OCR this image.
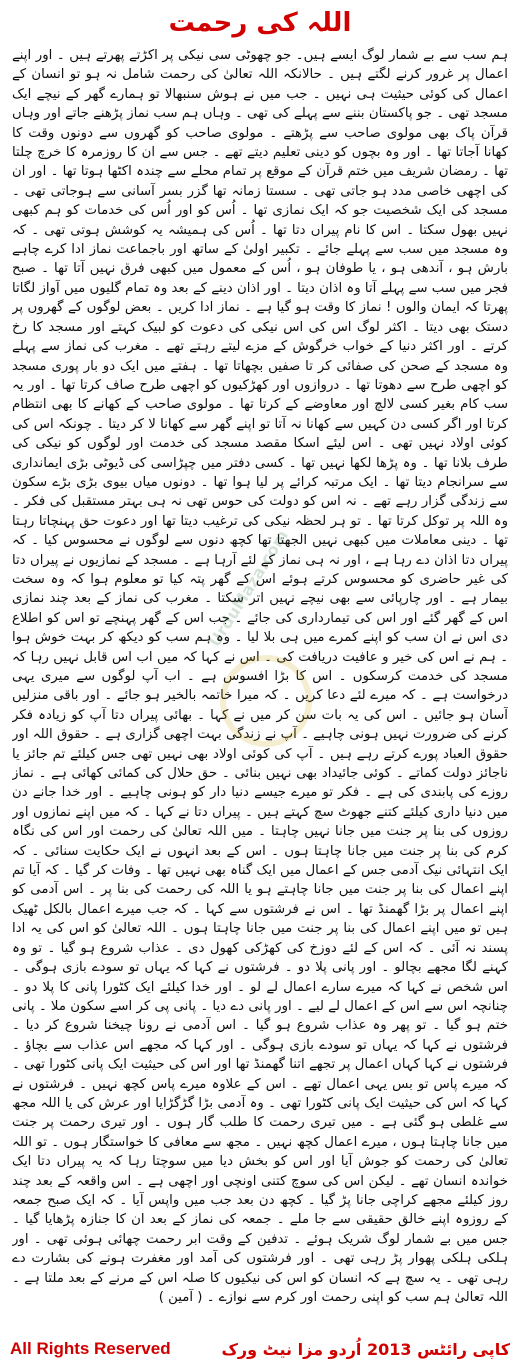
اللہ کی رحمت

ہم سب سے بے شمار لوگ ایسے ہیں۔ جو چھوٹی سی نیکی پر اکڑتے پھرتے ہیں ۔ اور اپنے اعمال پر غرور کرنے لگتے ہیں ۔ حالانکہ اللہ تعالیٰ کی رحمت شامل نہ ہو تو انسان کے اعمال کی کوئی حیثیت ہی نہیں ۔ جب میں نے ہوش سنبھالا تو ہمارے گھر کے نیچے ایک مسجد تھی ۔ جو پاکستان بننے سے پہلے کی تھی ۔ وہاں ہم سب نماز پڑھنے جاتے اور وہاں قرآن پاک بھی مولوی صاحب سے پڑھتے ۔ مولوی صاحب کو گھروں سے دونوں وقت کا کھانا آجاتا تھا ۔ اور وہ بچوں کو دینی تعلیم دیتے تھے ۔ جس سے ان کا روزمرہ کا خرچ چلتا تھا ۔ رمضان شریف میں ختم قرآن کے موقع پر تمام محلے سے چندہ اکٹھا ہوتا تھا ۔ اور ان کی اچھی خاصی مدد ہو جاتی تھی ۔ سستا زمانہ تھا گزر بسر آسانی سے ہوجاتی تھی ۔ مسجد کی ایک شخصیت جو کہ ایک نمازی تھا ۔ اُس کو اور اُس کی خدمات کو ہم کبھی نہیں بھول سکتا ۔ اس کا نام پیراں دتا تھا ۔ اُس کی ہمیشہ یہ کوشش ہوتی تھی ۔ کہ وہ مسجد میں سب سے پہلے جائے ۔ تکبیر اولیٰ کے ساتھ اور باجماعت نماز ادا کرے چاہے بارش ہو ، آندھی ہو ، یا طوفان ہو ، اُس کے معمول میں کبھی فرق نہیں آتا تھا ۔ صبح فجر میں سب سے پہلے آتا وہ اذان دیتا ۔ اور اذان دینے کے بعد وہ تمام گلیوں میں آواز لگاتا پھرتا کہ ایمان والوں ! نماز کا وقت ہو گیا ہے ۔ نماز ادا کریں ۔ بعض لوگوں کے گھروں پر دستک بھی دیتا ۔ اکثر لوگ اس کی اس نیکی کی دعوت کو لبیک کہتے اور مسجد کا رخ کرتے ۔ اور اکثر دنیا کے خواب خرگوش کے مزے لیتے رہتے تھے ۔ مغرب کی نماز سے پہلے وہ مسجد کے صحن کی صفائی کر تا صفیں بچھاتا تھا ۔ ہفتے میں ایک دو بار پوری مسجد کو اچھی طرح سے دھوتا تھا ۔ دروازوں اور کھڑکیوں کو اچھی طرح صاف کرتا تھا ۔ اور یہ سب کام بغیر کسی لالچ اور معاوضے کے کرتا تھا ۔ مولوی صاحب کے کھانے کا بھی انتظام کرتا اور اگر کسی دن کہیں سے کھانا نہ آتا تو اپنے گھر سے کھانا لا کر دیتا ۔ چونکہ اس کی کوئی اولاد نہیں تھی ۔ اس لیئے اسکا مقصد مسجد کی خدمت اور لوگوں کو نیکی کی طرف بلانا تھا ۔ وہ پڑھا لکھا نہیں تھا ۔ کسی دفتر میں چپڑاسی کی ڈیوٹی بڑی ایمانداری سے سرانجام دیتا تھا ۔ ایک مرتبہ کرائے پر لیا ہوا تھا ۔ دونوں میاں بیوی بڑی بڑے سکون سے زندگی گزار رہے تھے ۔ نہ اس کو دولت کی حوس تھی نہ ہی بہتر مستقبل کی فکر ۔ وہ اللہ پر توکل کرتا تھا ۔ تو ہر لحظہ نیکی کی ترغیب دیتا تھا اور دعوت حق پہنچاتا رہتا تھا ۔ دینی معاملات میں کبھی نہیں الجھتا تھا کچھ دنوں سے لوگوں نے محسوس کیا ۔ کہ پیراں دتا اذان دے رہا ہے ، اور نہ ہی نماز کے لئے آرہا ہے ۔ مسجد کے نمازیوں نے پیراں دتا کی غیر حاضری کو محسوس کرتے ہوئے اس کے گھر پتہ کیا تو معلوم ہوا کہ وہ سخت بیمار ہے ۔ اور چارپائی سے بھی نیچے نہیں اتر سکتا ۔ مغرب کی نماز کے بعد چند نمازی اس کے گھر گئے اور اس کی تیمارداری کی جائے ۔ جب اس کے گھر پہنچے تو اس کو اطلاع دی اس نے ان سب کو اپنے کمرے میں ہی بلا لیا ۔ وہ ہم سب کو دیکھ کر بہت خوش ہوا ۔ ہم نے اس کی خیر و عافیت دریافت کی ۔ اس نے کہا کہ میں اب اس قابل نہیں رہا کہ مسجد کی خدمت کرسکوں ۔ اس کا بڑا افسوس ہے ۔ اب آپ لوگوں سے میری یہی درخواست ہے ۔ کہ میرے لئے دعا کریں ۔ کہ میرا خاتمہ بالخیر ہو جائے ۔ اور باقی منزلیں آسان ہو جائیں ۔ اس کی یہ بات سن کر میں نے کہا ۔ بھائی پیراں دتا آپ کو زیادہ فکر کرنے کی ضرورت نہیں ہونی چاہیے ۔ آپ نے زندگی بہت اچھی گزاری ہے ۔ حقوق اللہ اور حقوق العباد پورے کرتے رہے ہیں ۔ آپ کی کوئی اولاد بھی نہیں تھی جس کیلئے تم جائز یا ناجائز دولت کماتے ۔ کوئی جائیداد بھی نہیں بنائی ۔ حق حلال کی کمائی کھائی ہے ۔ نماز روزے کی پابندی کی ہے ۔ فکر تو میرے جیسے دنیا دار کو ہونی چاہیے ۔ اور خدا جانے دن میں دنیا داری کیلئے کتنے جھوٹ سچ کہتے ہیں ۔ پیراں دتا نے کہا ۔ کہ میں اپنے نمازوں اور روزوں کی بنا پر جنت میں جانا نہیں چاہتا ۔ میں اللہ تعالیٰ کی رحمت اور اس کی نگاہ کرم کی بنا پر جنت میں جانا چاہتا ہوں ۔ اس کے بعد انہوں نے ایک حکایت سنائی ۔ کہ ایک انتہائی نیک آدمی جس کے اعمال میں ایک گناہ بھی نہیں تھا ۔ وفات کر گیا ۔ کہ آیا تم اپنے اعمال کی بنا پر جنت میں جانا چاہتے ہو یا اللہ کی رحمت کی بنا پر ۔ اس آدمی کو اپنے اعمال پر بڑا گھمنڈ تھا ۔ اس نے فرشتوں سے کہا ۔ کہ جب میرے اعمال بالکل ٹھیک ہیں تو میں اپنے اعمال کی بنا پر جنت میں جانا چاہتا ہوں ۔ اللہ تعالیٰ کو اس کی یہ ادا پسند نہ آئی ۔ کہ اس کے لئے دوزخ کی کھڑکی کھول دی ۔ عذاب شروع ہو گیا ۔ تو وہ کہنے لگا مجھے بچالو ۔ اور پانی پلا دو ۔ فرشتوں نے کہا کہ یہاں تو سودے بازی ہوگی ۔ اس شخص نے کہا کہ میرے سارے اعمال لے لو ۔ اور خدا کیلئے ایک کٹورا پانی کا پلا دو ۔ چنانچہ اس سے اس کے اعمال لے لیے ۔ اور پانی دے دیا ۔ پانی پی کر اسے سکون ملا ۔ پانی ختم ہو گیا ۔ تو پھر وہ عذاب شروع ہو گیا ۔ اس آدمی نے رونا چیخنا شروع کر دیا ۔ فرشتوں نے کہا کہ یہاں تو سودے بازی ہوگی ۔ اور کہا کہ مجھے اس عذاب سے بچاؤ ۔ فرشتوں نے کہا کہاں اعمال پر تجھے اتنا گھمنڈ تھا اور اس کی حیثیت ایک پانی کٹورا تھی ۔ کہ میرے پاس تو بس یہی اعمال تھے ۔ اس کے علاوہ میرے پاس کچھ نہیں ۔ فرشتوں نے کہا کہ اس کی حیثیت ایک پانی کٹورا تھی ۔ وہ آدمی بڑا گڑگڑایا اور عرش کی یا اللہ مجھ سے غلطی ہو گئی ہے ۔ میں تیری رحمت کا طلب گار ہوں ۔ اور تیری رحمت پر جنت میں جانا چاہتا ہوں ، میرے اعمال کچھ نہیں ۔ مجھ سے معافی کا خواستگار ہوں ۔ تو اللہ تعالیٰ کی رحمت کو جوش آیا اور اس کو بخش دیا میں سوچتا رہا کہ یہ پیراں دتا ایک خواندہ انسان تھے ۔ لیکن اس کی سوچ کتنی اونچی اور اچھی ہے ۔ اس واقعہ کے بعد چند روز کیلئے مجھے کراچی جانا پڑ گیا ۔ کچھ دن بعد جب میں واپس آیا ۔ کہ ایک صبح جمعہ کے روزوہ اپنے خالق حقیقی سے جا ملے ۔ جمعہ کی نماز کے بعد ان کا جنازہ پڑھایا گیا ۔ جس میں بے شمار لوگ شریک ہوئے ۔ تدفین کے وقت ابر رحمت چھائی ہوئی تھی ۔ اور ہلکی ہلکی پھوار پڑ رہی تھی ۔ اور فرشتوں کی آمد اور مغفرت ہونے کی بشارت دے رہی تھی ۔ یہ سچ ہے کہ انسان کو اس کی نیکیوں کا صلہ اس کے مرنے کے بعد ملتا ہے ۔ اللہ تعالیٰ ہم سب کو اپنی رحمت اور کرم سے نوازے ۔ ( آمین )

UrduMaza.com
All Rights Reserved	کاپی رائٹس 2013 اُردو مزا نیٹ ورک
